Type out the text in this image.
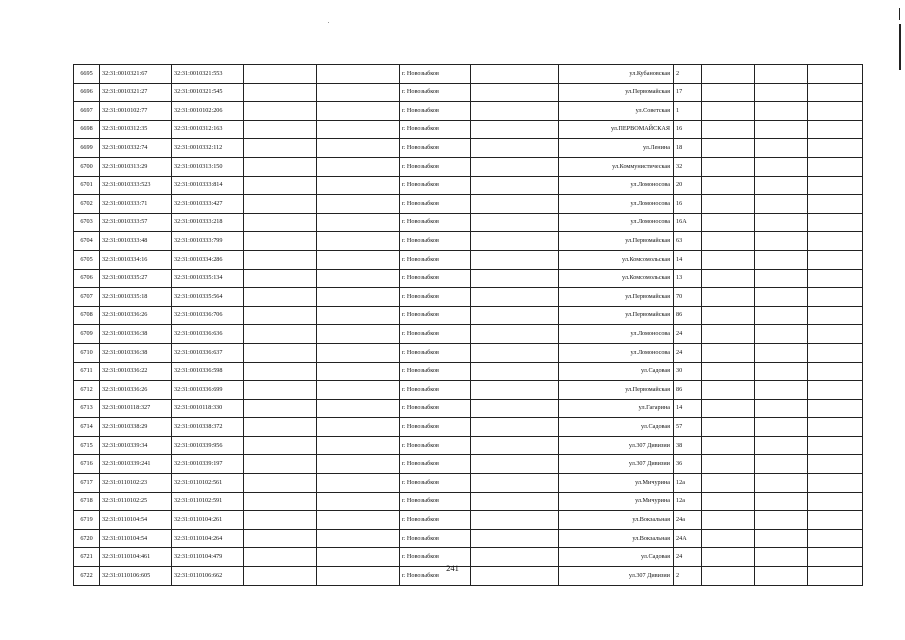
6695	32:31:0010321:67	32:31:0010321:553			г. Новозыбков		ул.Кубановская	2			
6696	32:31:0010321:27	32:31:0010321:545			г. Новозыбков		ул.Первомайская	17			
6697	32:31:0010102:77	32:31:0010102:206			г. Новозыбков		ул.Советская	1			
6698	32:31:0010312:35	32:31:0010312:163			г. Новозыбков		ул.ПЕРВОМАЙСКАЯ	16			
6699	32:31:0010332:74	32:31:0010332:112			г. Новозыбков		ул.Ленина	18			
6700	32:31:0010313:29	32:31:0010313:150			г. Новозыбков		ул.Коммунистическая	32			
6701	32:31:0010333:523	32:31:0010333:814			г. Новозыбков		ул.Ломоносова	20			
6702	32:31:0010333:71	32:31:0010333:427			г. Новозыбков		ул.Ломоносова	16			
6703	32:31:0010333:57	32:31:0010333:218			г. Новозыбков		ул.Ломоносова	16А			
6704	32:31:0010333:48	32:31:0010333:799			г. Новозыбков		ул.Первомайская	63			
6705	32:31:0010334:16	32:31:0010334:286			г. Новозыбков		ул.Комсомольская	14			
6706	32:31:0010335:27	32:31:0010335:134			г. Новозыбков		ул.Комсомольская	13			
6707	32:31:0010335:18	32:31:0010335:564			г. Новозыбков		ул.Первомайская	70			
6708	32:31:0010336:26	32:31:0010336:706			г. Новозыбков		ул.Первомайская	86			
6709	32:31:0010336:38	32:31:0010336:636			г. Новозыбков		ул.Ломоносова	24			
6710	32:31:0010336:38	32:31:0010336:637			г. Новозыбков		ул.Ломоносова	24			
6711	32:31:0010336:22	32:31:0010336:598			г. Новозыбков		ул.Садовая	30			
6712	32:31:0010336:26	32:31:0010336:699			г. Новозыбков		ул.Первомайская	86			
6713	32:31:0010118:327	32:31:0010118:330			г. Новозыбков		ул.Гагарина	14			
6714	32:31:0010338:29	32:31:0010338:372			г. Новозыбков		ул.Садовая	57			
6715	32:31:0010339:34	32:31:0010339:956			г. Новозыбков		ул.307 Дивизии	38			
6716	32:31:0010339:241	32:31:0010339:197			г. Новозыбков		ул.307 Дивизии	36			
6717	32:31:0110102:23	32:31:0110102:561			г. Новозыбков		ул.Мичурина	12а			
6718	32:31:0110102:25	32:31:0110102:591			г. Новозыбков		ул.Мичурина	12а			
6719	32:31:0110104:54	32:31:0110104:261			г. Новозыбков		ул.Вокзальная	24а			
6720	32:31:0110104:54	32:31:0110104:264			г. Новозыбков		ул.Вокзальная	24А			
6721	32:31:0110104:461	32:31:0110104:479			г. Новозыбков		ул.Садовая	24			
6722	32:31:0110106:605	32:31:0110106:662			г. Новозыбков		ул.307 Дивизии	2			
241
